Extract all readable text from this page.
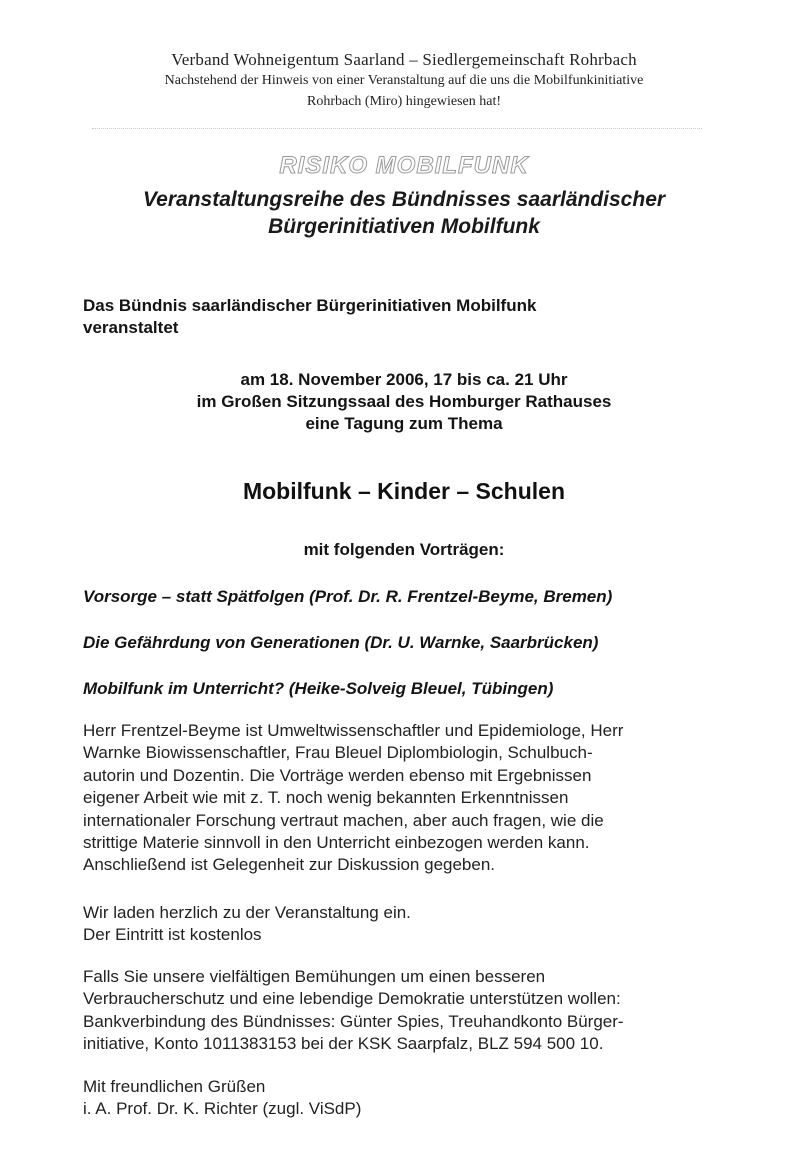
Verband Wohneigentum Saarland – Siedlergemeinschaft Rohrbach
Nachstehend der Hinweis von einer Veranstaltung auf die uns die Mobilfunkinitiative
Rohrbach (Miro) hingewiesen hat!
RISIKO MOBILFUNK
Veranstaltungsreihe des Bündnisses saarländischer
Bürgerinitiativen Mobilfunk
Das Bündnis saarländischer Bürgerinitiativen Mobilfunk
veranstaltet
am 18. November 2006, 17 bis ca. 21 Uhr
im Großen Sitzungssaal des Homburger Rathauses
eine Tagung zum Thema
Mobilfunk – Kinder – Schulen
mit folgenden Vorträgen:
Vorsorge – statt Spätfolgen (Prof. Dr. R. Frentzel-Beyme, Bremen)
Die Gefährdung von Generationen (Dr. U. Warnke, Saarbrücken)
Mobilfunk im Unterricht? (Heike-Solveig Bleuel, Tübingen)
Herr Frentzel-Beyme ist Umweltwissenschaftler und Epidemiologe, Herr
Warnke Biowissenschaftler, Frau Bleuel Diplombiologin, Schulbuch-
autorin und Dozentin. Die Vorträge werden ebenso mit Ergebnissen
eigener Arbeit wie mit z. T. noch wenig bekannten Erkenntnissen
internationaler Forschung vertraut machen, aber auch fragen, wie die
strittige Materie sinnvoll in den Unterricht einbezogen werden kann.
Anschließend ist Gelegenheit zur Diskussion gegeben.
Wir laden herzlich zu der Veranstaltung ein.
Der Eintritt ist kostenlos
Falls Sie unsere vielfältigen Bemühungen um einen besseren
Verbraucherschutz und eine lebendige Demokratie unterstützen wollen:
Bankverbindung des Bündnisses: Günter Spies, Treuhandkonto Bürger-
initiative, Konto 1011383153 bei der KSK Saarpfalz, BLZ 594 500 10.
Mit freundlichen Grüßen
i. A. Prof. Dr. K. Richter (zugl. ViSdP)
